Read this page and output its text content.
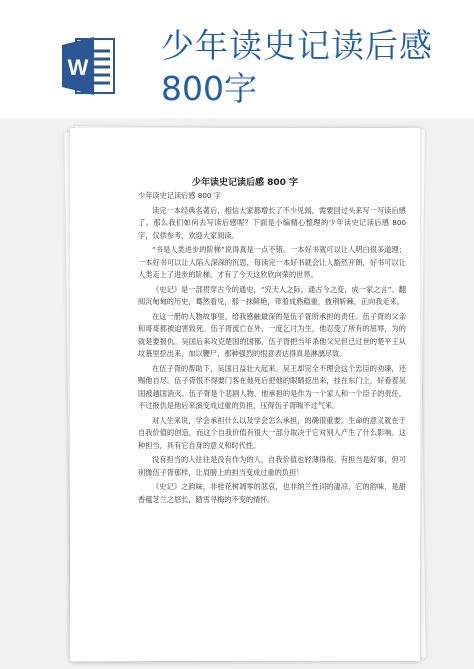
W
少年读史记读后感
800字
少年读史记读后感 800 字

少年读史记读后感 800 字

读完一本经典名著后，相信大家都增长了不少见闻，需要回过头来写一写读后感了。那么我们如何去写读后感呢？下面是小编精心整理的少年读史记读后感 800 字，仅供参考，欢迎大家阅读。

“书是人类进步的阶梯”说得真是一点不错。一本好书就可以让人明白很多道理；一本好书可以让人陷入深深的沉思，每读完一本好书就会让人豁然开朗，好书可以让人类走上了进步的阶梯，才有了今天这欣欣向荣的世界。

《史记》是一部贯穿古今的通史，“究天人之际，通古今之变，成一家之言”。翻阅沉甸甸的历史，蓦然看见，那一抹鲜艳，带着成熟稳重，披荆斩棘，正向我走来。

在这一册的人物故事里，给我感触最深的是伍子胥所承担的责任。伍子胥的父亲和哥哥都被迫害致死。伍子胥流亡在外，一度乞讨为生，他忍受了所有的屈辱，为的就是要报仇。吴国后来攻克楚国的国都，伍子胥把当年杀他父兄但已过世的楚平王从坟墓里挖出来，加以鞭尸，那种强烈的恨意表达得真是淋漓尽致。

在伍子胥的帮助下，吴国日益壮大起来。吴王却完全不理会这个忠臣的劝谏，还赐他自尽。伍子胥恨不得要门客在他死后把他的眼睛挖出来，挂在东门上，好看着吴国被越国消灭。伍子胥是个悲剧人物，他承担的是作为一个家人和一个臣子的责任，不过报仇是他后来演变成过重的负担，压得伍子胥喘不过气来。

对人生来说，学会承担什么以及学会怎么承担，的确很重要。生命的意义就在于自我价值的创造，而这个自我价值有很大一部分取决于它对别人产生了什么影响。这种担当，具有它自身的意义和时代性。

没有担当的人往往是没有作为的人，自我价值也轻薄得很。有担当是好事，但可别像伍子胥那样，让肩膀上的担当变成过重的负担！

《史记》之韵味，非桂花树凋零的悲哀，也非纳兰性词的凄凉，它的韵味，是甜香蕴芝兰之悠长，踏雪寻梅的不变的情怀。
